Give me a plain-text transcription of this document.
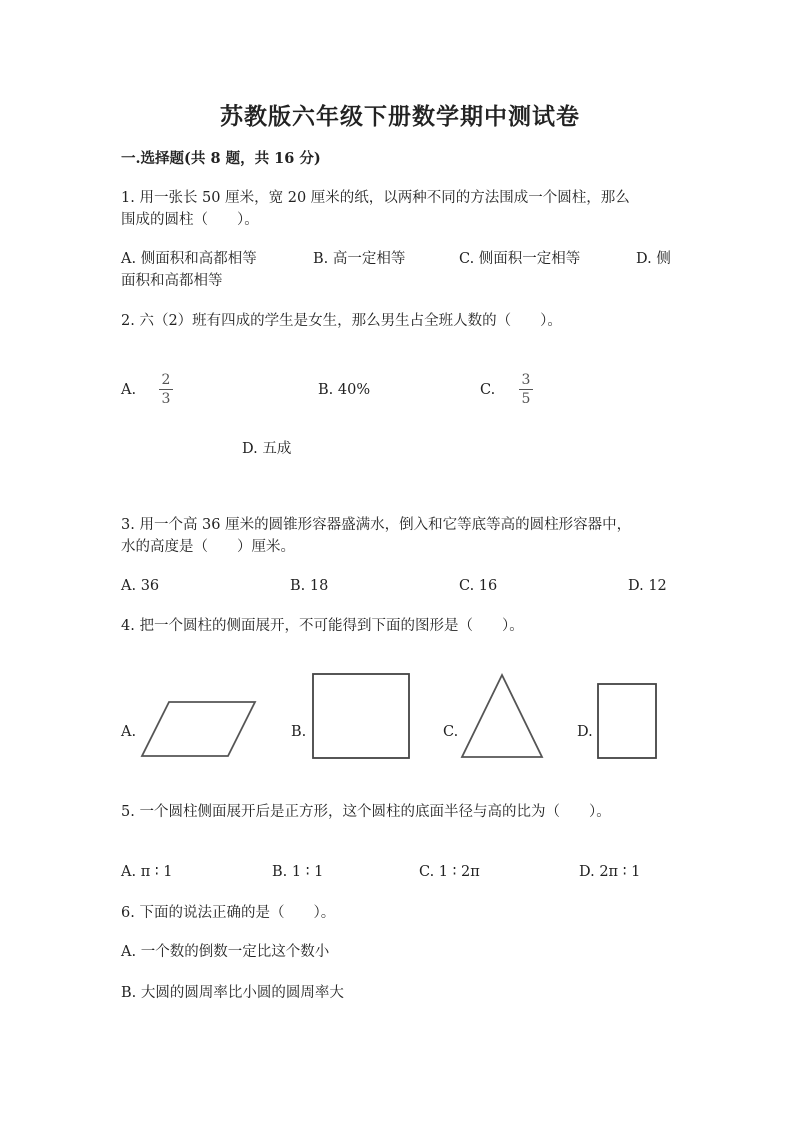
苏教版六年级下册数学期中测试卷
一.选择题(共 8 题，共 16 分)
1. 用一张长 50 厘米，宽 20 厘米的纸，以两种不同的方法围成一个圆柱，那么
围成的圆柱（　　）。
A. 侧面积和高都相等	B. 高一定相等	C. 侧面积一定相等	D. 侧
面积和高都相等
2. 六（2）班有四成的学生是女生，那么男生占全班人数的（　　）。
A.
2
3
B. 40%	C.
3
5
D. 五成
3. 用一个高 36 厘米的圆锥形容器盛满水，倒入和它等底等高的圆柱形容器中，
水的高度是（　　）厘米。
A. 36	B. 18	C. 16	D. 12
4. 把一个圆柱的侧面展开，不可能得到下面的图形是（　　）。
A.	B.	C.	D.
5. 一个圆柱侧面展开后是正方形，这个圆柱的底面半径与高的比为（　　）。
A. π ∶ 1	B. 1 ∶ 1	C. 1 ∶ 2π	D. 2π ∶ 1
6. 下面的说法正确的是（　　）。
A. 一个数的倒数一定比这个数小
B. 大圆的圆周率比小圆的圆周率大
